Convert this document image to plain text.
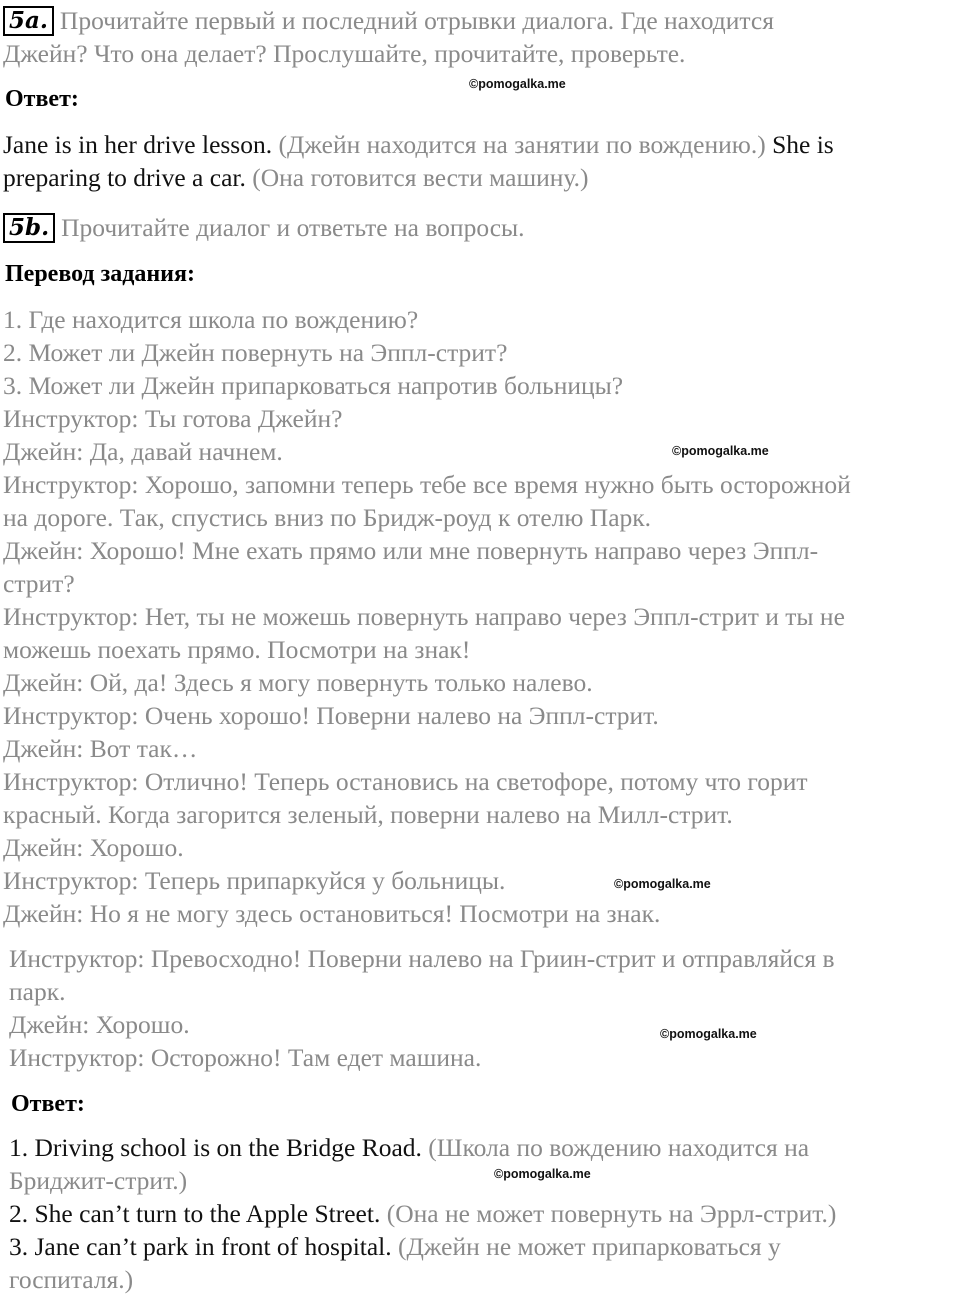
5a. Прочитайте первый и последний отрывки диалога. Где находится
Джейн? Что она делает? Прослушайте, прочитайте, проверьте.
Ответ:
©pomogalka.me
Jane is in her drive lesson. (Джейн находится на занятии по вождению.) She is
preparing to drive a car. (Она готовится вести машину.)
5b. Прочитайте диалог и ответьте на вопросы.
Перевод задания:
1. Где находится школа по вождению?
2. Может ли Джейн повернуть на Эппл-стрит?
3. Может ли Джейн припарковаться напротив больницы?
Инструктор: Ты готова Джейн?
Джейн: Да, давай начнем.	©pomogalka.me
Инструктор: Хорошо, запомни теперь тебе все время нужно быть осторожной
на дороге. Так, спустись вниз по Бридж-роуд к отелю Парк.
Джейн: Хорошо! Мне ехать прямо или мне повернуть направо через Эппл-
стрит?
Инструктор: Нет, ты не можешь повернуть направо через Эппл-стрит и ты не
можешь поехать прямо. Посмотри на знак!
Джейн: Ой, да! Здесь я могу повернуть только налево.
Инструктор: Очень хорошо! Поверни налево на Эппл-стрит.
Джейн: Вот так…
Инструктор: Отлично! Теперь остановись на светофоре, потому что горит
красный. Когда загорится зеленый, поверни налево на Милл-стрит.
Джейн: Хорошо.
Инструктор: Теперь припаркуйся у больницы.	©pomogalka.me
Джейн: Но я не могу здесь остановиться! Посмотри на знак.
Инструктор: Превосходно! Поверни налево на Гриин-стрит и отправляйся в
парк.
Джейн: Хорошо.	©pomogalka.me
Инструктор: Осторожно! Там едет машина.
Ответ:
1. Driving school is on the Bridge Road. (Школа по вождению находится на
Бриджит-стрит.)	©pomogalka.me
2. She can’t turn to the Apple Street. (Она не может повернуть на Эррл-стрит.)
3. Jane can’t park in front of hospital. (Джейн не может припарковаться у
госпиталя.)
